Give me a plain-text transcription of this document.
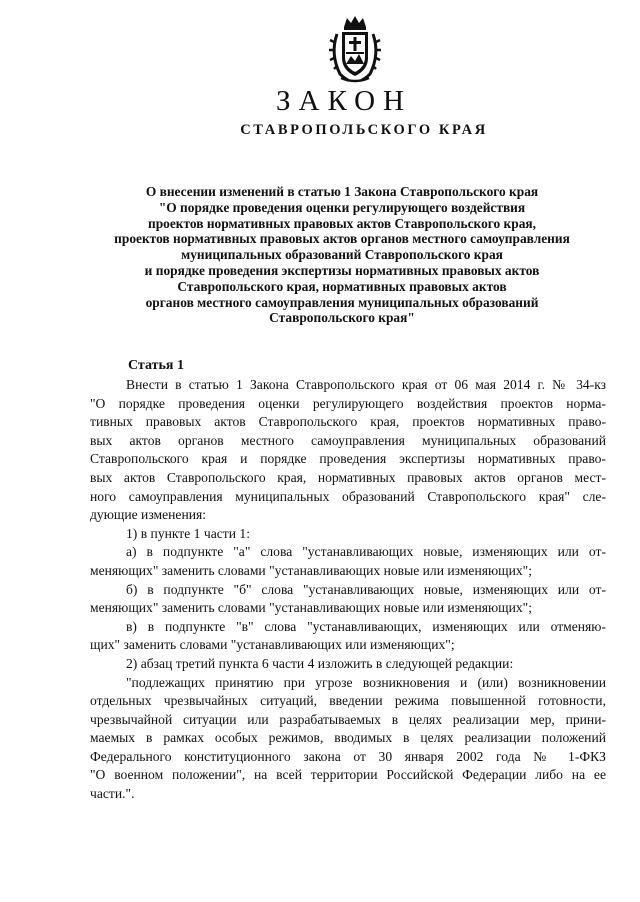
ЗАКОН
СТАВРОПОЛЬСКОГО КРАЯ
О внесении изменений в статью 1 Закона Ставропольского края
"О порядке проведения оценки регулирующего воздействия
проектов нормативных правовых актов Ставропольского края,
проектов нормативных правовых актов органов местного самоуправления
муниципальных образований Ставропольского края
и порядке проведения экспертизы нормативных правовых актов
Ставропольского края, нормативных правовых актов
органов местного самоуправления муниципальных образований
Ставропольского края"
Статья 1
Внести в статью 1 Закона Ставропольского края от 06 мая 2014 г. № 34-кз
"О порядке проведения оценки регулирующего воздействия проектов норма-
тивных правовых актов Ставропольского края, проектов нормативных право-
вых актов органов местного самоуправления муниципальных образований
Ставропольского края и порядке проведения экспертизы нормативных право-
вых актов Ставропольского края, нормативных правовых актов органов мест-
ного самоуправления муниципальных образований Ставропольского края" сле-
дующие изменения:
1) в пункте 1 части 1:
а) в подпункте "а" слова "устанавливающих новые, изменяющих или от-
меняющих" заменить словами "устанавливающих новые или изменяющих";
б) в подпункте "б" слова "устанавливающих новые, изменяющих или от-
меняющих" заменить словами "устанавливающих новые или изменяющих";
в) в подпункте "в" слова "устанавливающих, изменяющих или отменяю-
щих" заменить словами "устанавливающих или изменяющих";
2) абзац третий пункта 6 части 4 изложить в следующей редакции:
"подлежащих принятию при угрозе возникновения и (или) возникновении
отдельных чрезвычайных ситуаций, введении режима повышенной готовности,
чрезвычайной ситуации или разрабатываемых в целях реализации мер, прини-
маемых в рамках особых режимов, вводимых в целях реализации положений
Федерального конституционного закона от 30 января 2002 года № 1-ФКЗ
"О военном положении", на всей территории Российской Федерации либо на ее
части.".
